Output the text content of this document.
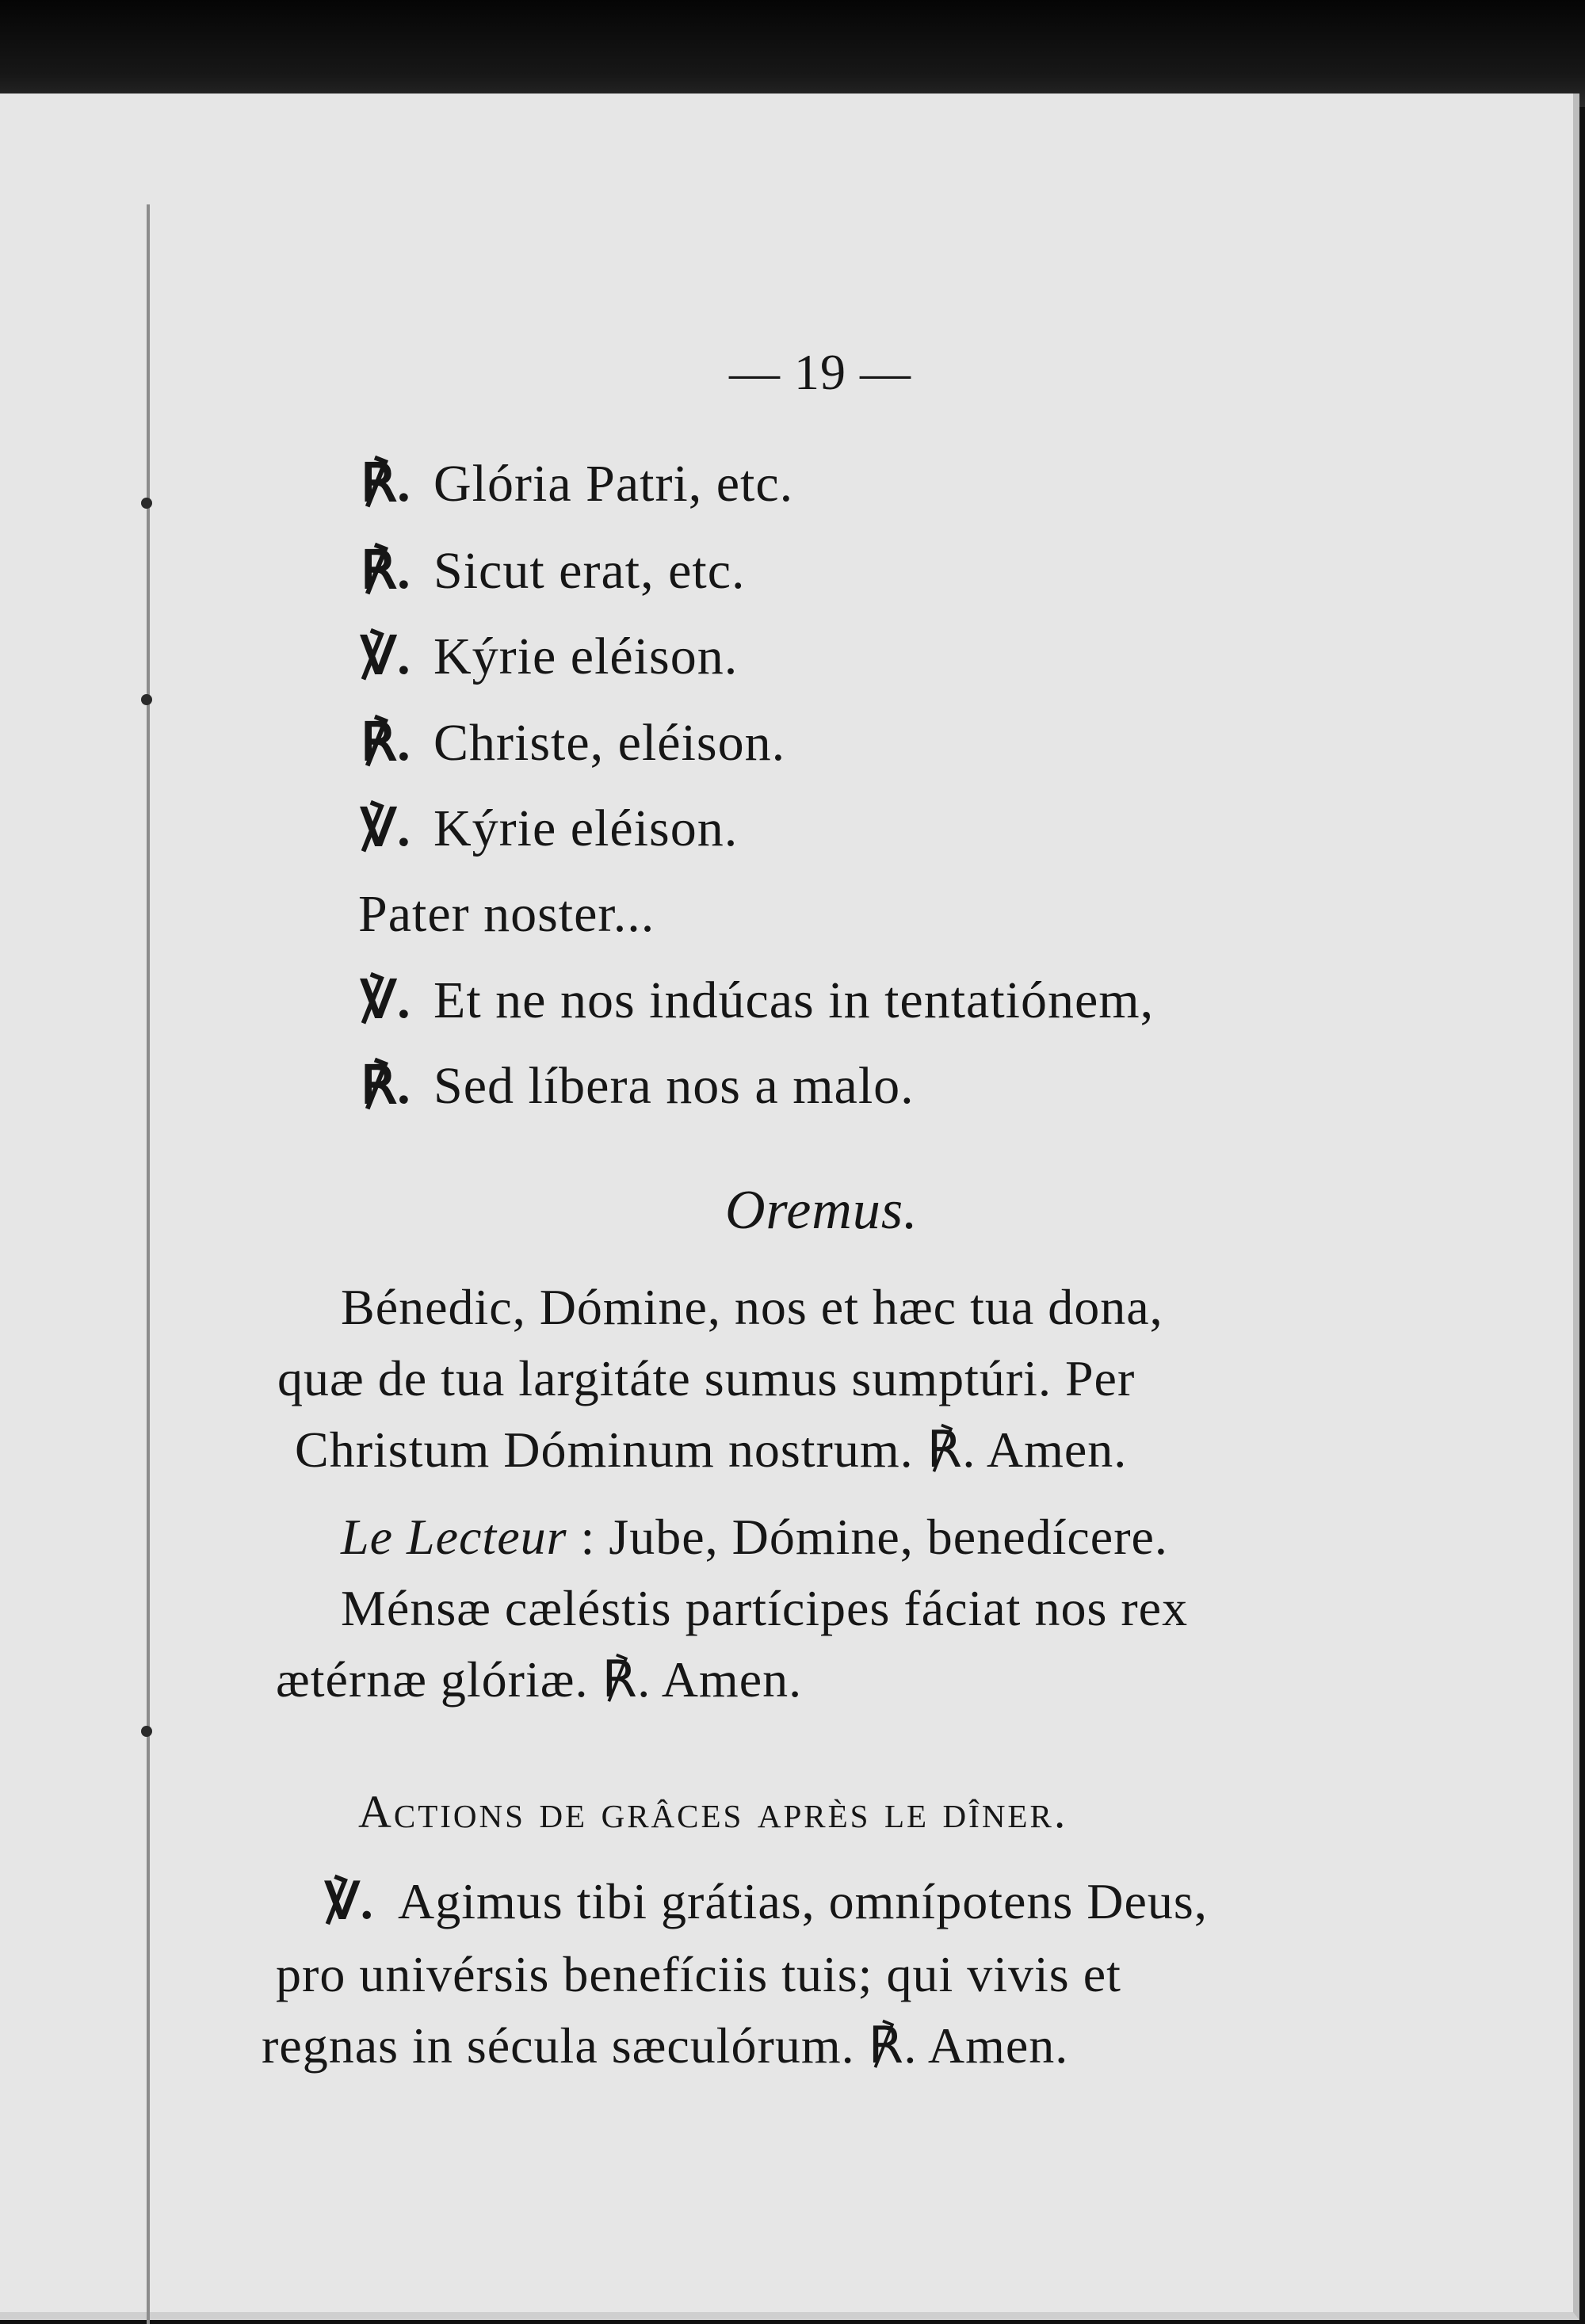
— 19 —
℟. Glória Patri, etc.
℟. Sicut erat, etc.
℣. Kýrie eléison.
℟. Christe, eléison.
℣. Kýrie eléison.
Pater noster...
℣. Et ne nos indúcas in tentatiónem,
℟. Sed líbera nos a malo.
Oremus.
Bénedic, Dómine, nos et hæc tua dona,
quæ de tua largitáte sumus sumptúri. Per
Christum Dóminum nostrum. ℟. Amen.
Le Lecteur : Jube, Dómine, benedícere.
Ménsæ cæléstis partícipes fáciat nos rex
ætérnæ glóriæ. ℟. Amen.
Actions de grâces après le dîner.
℣. Agimus tibi grátias, omnípotens Deus,
pro univérsis benefíciis tuis; qui vivis et
regnas in sécula sæculórum. ℟. Amen.
